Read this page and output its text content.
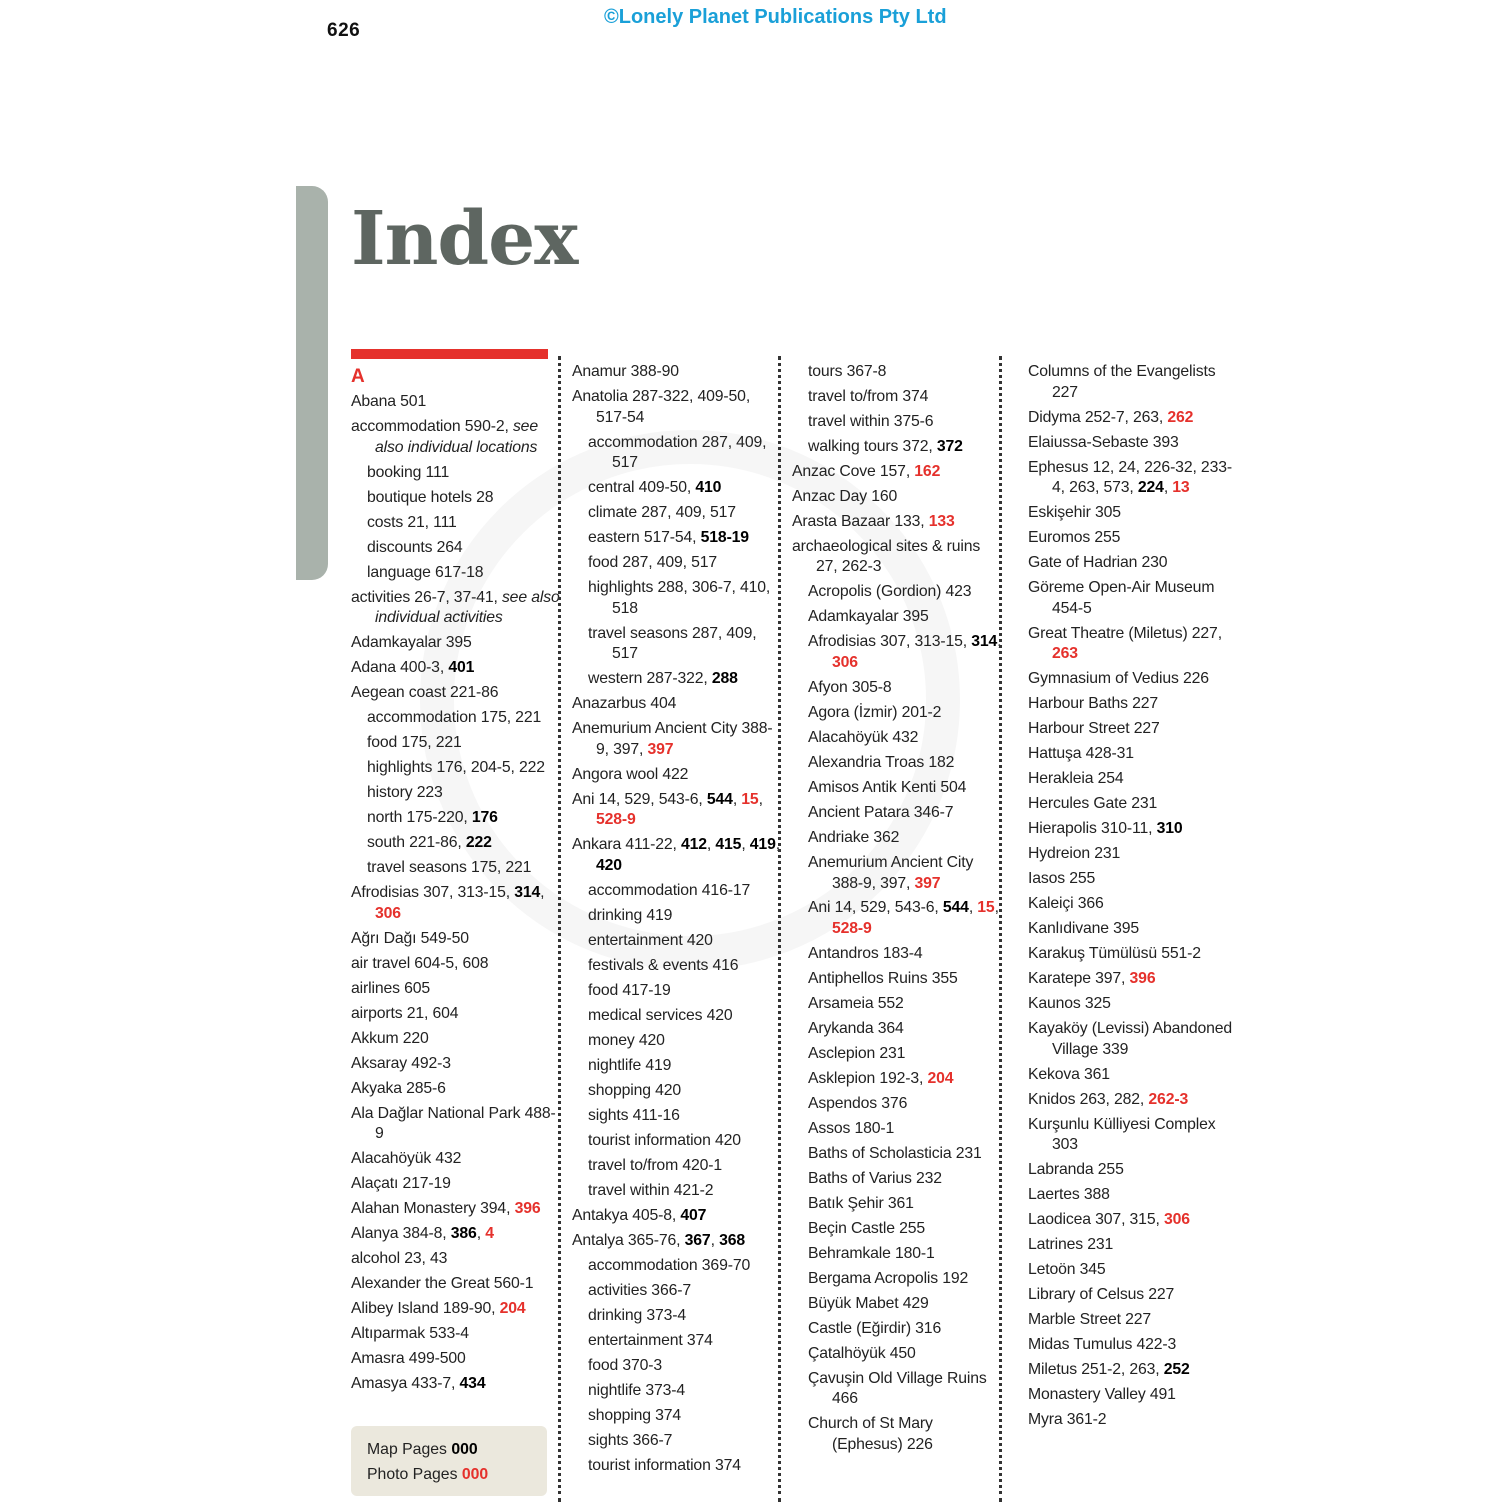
626
©Lonely Planet Publications Pty Ltd
Index
A
Abana 501
accommodation 590-2, see also individual locations
booking 111
boutique hotels 28
costs 21, 111
discounts 264
language 617-18
activities 26-7, 37-41, see also individual activities
Adamkayalar 395
Adana 400-3, 401
Aegean coast 221-86
accommodation 175, 221
food 175, 221
highlights 176, 204-5, 222
history 223
north 175-220, 176
south 221-86, 222
travel seasons 175, 221
Afrodisias 307, 313-15, 314, 306
Ağrı Dağı 549-50
air travel 604-5, 608
airlines 605
airports 21, 604
Akkum 220
Aksaray 492-3
Akyaka 285-6
Ala Dağlar National Park 488-9
Alacahöyük 432
Alaçatı 217-19
Alahan Monastery 394, 396
Alanya 384-8, 386, 4
alcohol 23, 43
Alexander the Great 560-1
Alibey Island 189-90, 204
Altıparmak 533-4
Amasra 499-500
Amasya 433-7, 434
Anamur 388-90
Anatolia 287-322, 409-50, 517-54
accommodation 287, 409, 517
central 409-50, 410
climate 287, 409, 517
eastern 517-54, 518-19
food 287, 409, 517
highlights 288, 306-7, 410, 518
travel seasons 287, 409, 517
western 287-322, 288
Anazarbus 404
Anemurium Ancient City 388-9, 397, 397
Angora wool 422
Ani 14, 529, 543-6, 544, 15, 528-9
Ankara 411-22, 412, 415, 419, 420
accommodation 416-17
drinking 419
entertainment 420
festivals & events 416
food 417-19
medical services 420
money 420
nightlife 419
shopping 420
sights 411-16
tourist information 420
travel to/from 420-1
travel within 421-2
Antakya 405-8, 407
Antalya 365-76, 367, 368
accommodation 369-70
activities 366-7
drinking 373-4
entertainment 374
food 370-3
nightlife 373-4
shopping 374
sights 366-7
tourist information 374
tours 367-8
travel to/from 374
travel within 375-6
walking tours 372, 372
Anzac Cove 157, 162
Anzac Day 160
Arasta Bazaar 133, 133
archaeological sites & ruins 27, 262-3
Acropolis (Gordion) 423
Adamkayalar 395
Afrodisias 307, 313-15, 314, 306
Afyon 305-8
Agora (İzmir) 201-2
Alacahöyük 432
Alexandria Troas 182
Amisos Antik Kenti 504
Ancient Patara 346-7
Andriake 362
Anemurium Ancient City 388-9, 397, 397
Ani 14, 529, 543-6, 544, 15, 528-9
Antandros 183-4
Antiphellos Ruins 355
Arsameia 552
Arykanda 364
Asclepion 231
Asklepion 192-3, 204
Aspendos 376
Assos 180-1
Baths of Scholasticia 231
Baths of Varius 232
Batık Şehir 361
Beçin Castle 255
Behramkale 180-1
Bergama Acropolis 192
Büyük Mabet 429
Castle (Eğirdir) 316
Çatalhöyük 450
Çavuşin Old Village Ruins 466
Church of St Mary (Ephesus) 226
Columns of the Evangelists 227
Didyma 252-7, 263, 262
Elaiussa-Sebaste 393
Ephesus 12, 24, 226-32, 233-4, 263, 573, 224, 13
Eskişehir 305
Euromos 255
Gate of Hadrian 230
Göreme Open-Air Museum 454-5
Great Theatre (Miletus) 227, 263
Gymnasium of Vedius 226
Harbour Baths 227
Harbour Street 227
Hattuşa 428-31
Herakleia 254
Hercules Gate 231
Hierapolis 310-11, 310
Hydreion 231
Iasos 255
Kaleiçi 366
Kanlıdivane 395
Karakuş Tümülüsü 551-2
Karatepe 397, 396
Kaunos 325
Kayaköy (Levissi) Abandoned Village 339
Kekova 361
Knidos 263, 282, 262-3
Kurşunlu Külliyesi Complex 303
Labranda 255
Laertes 388
Laodicea 307, 315, 306
Latrines 231
Letoön 345
Library of Celsus 227
Marble Street 227
Midas Tumulus 422-3
Miletus 251-2, 263, 252
Monastery Valley 491
Myra 361-2
Map Pages 000
Photo Pages 000
